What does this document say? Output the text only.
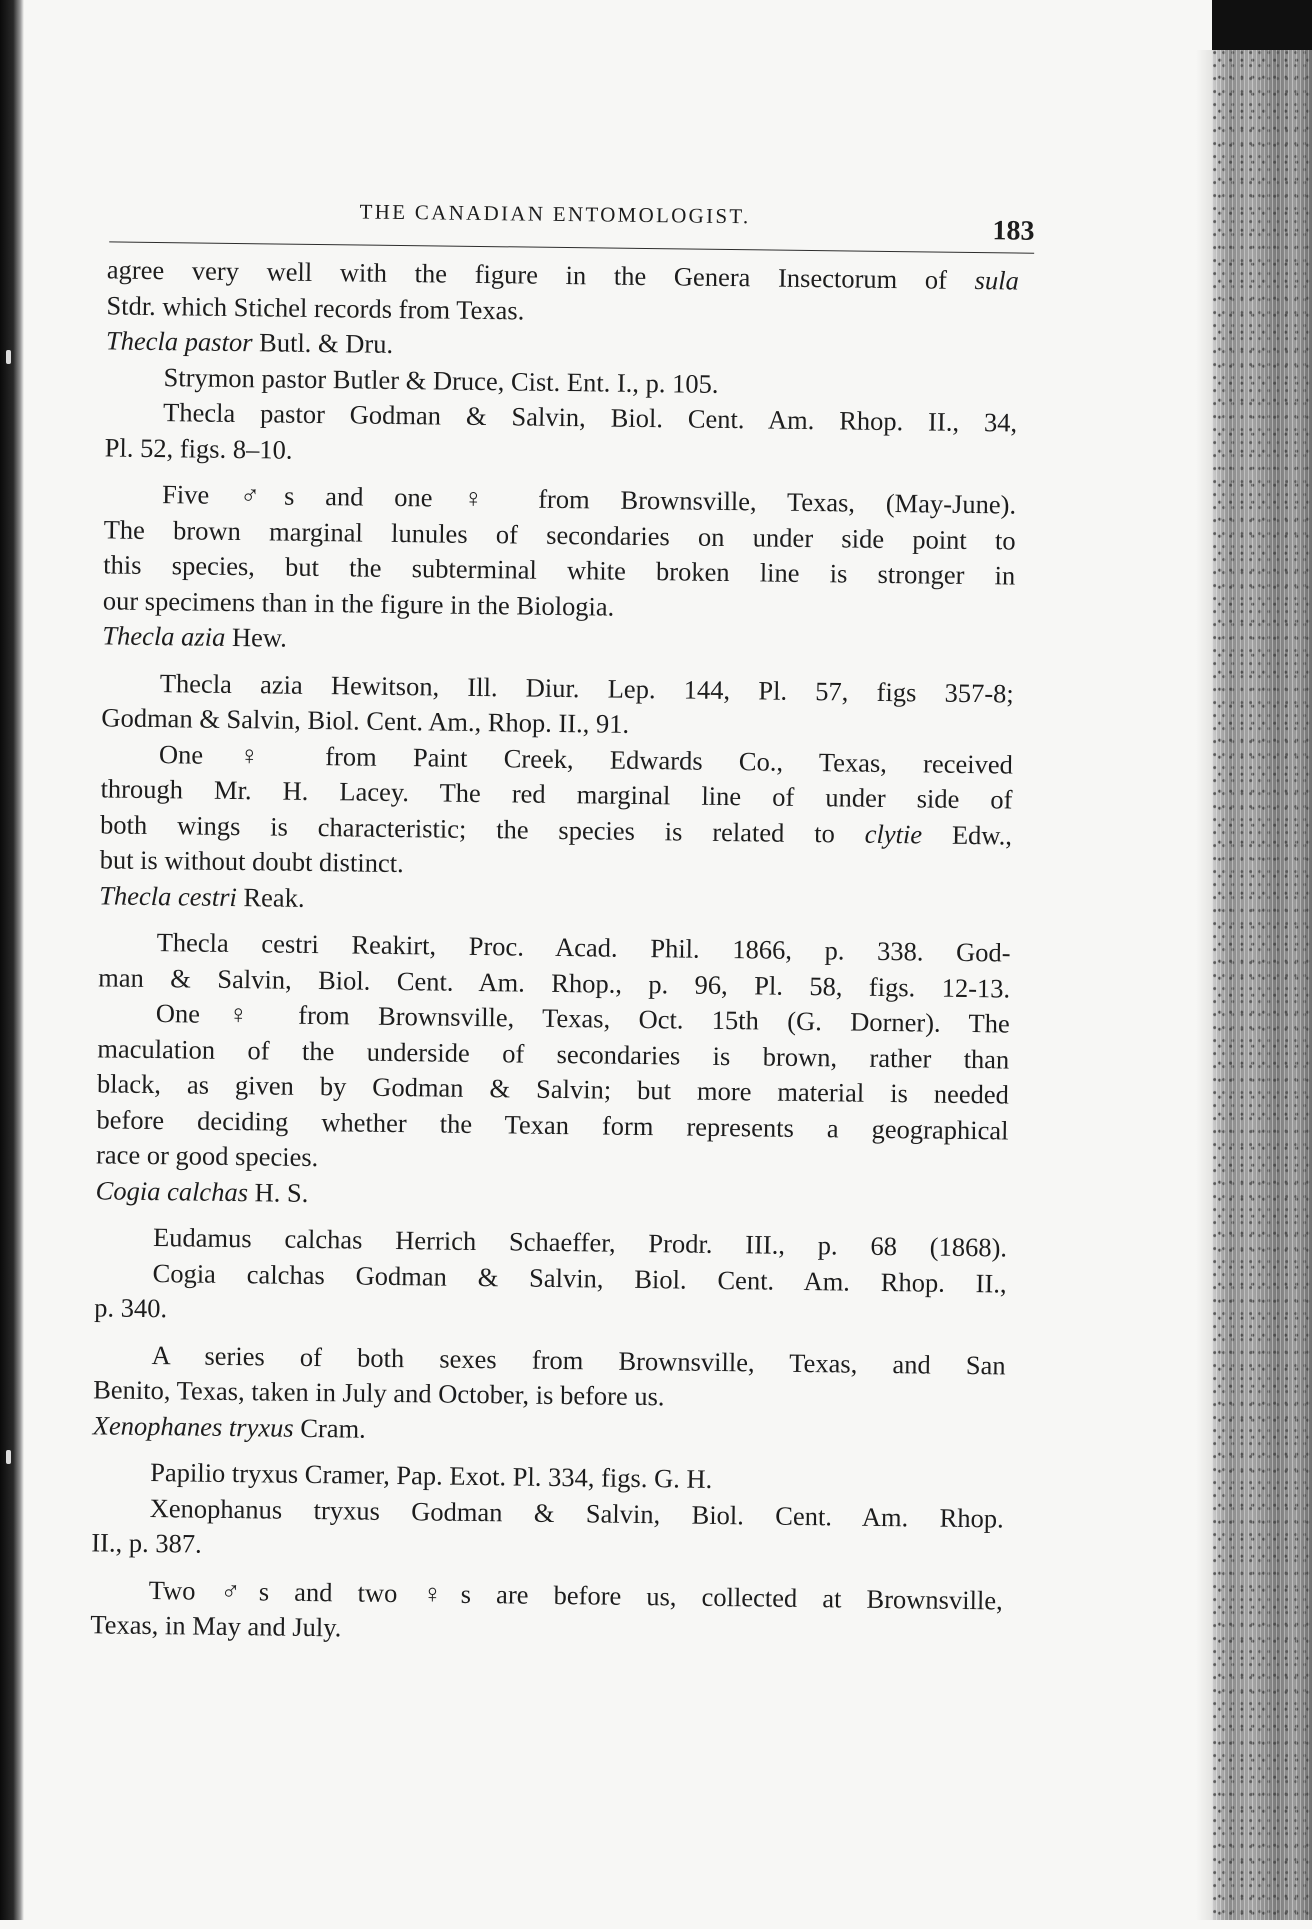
THE CANADIAN ENTOMOLOGIST.
183
agree very well with the figure in the Genera Insectorum of sula
Stdr. which Stichel records from Texas.
Thecla pastor Butl. & Dru.
Strymon pastor Butler & Druce, Cist. Ent. I., p. 105.
Thecla pastor Godman & Salvin, Biol. Cent. Am. Rhop. II., 34,
Pl. 52, figs. 8–10.
Five ♂s and one ♀ from Brownsville, Texas, (May-June).
The brown marginal lunules of secondaries on under side point to
this species, but the subterminal white broken line is stronger in
our specimens than in the figure in the Biologia.
Thecla azia Hew.
Thecla azia Hewitson, Ill. Diur. Lep. 144, Pl. 57, figs 357-8;
Godman & Salvin, Biol. Cent. Am., Rhop. II., 91.
One ♀ from Paint Creek, Edwards Co., Texas, received
through Mr. H. Lacey. The red marginal line of under side of
both wings is characteristic; the species is related to clytie Edw.,
but is without doubt distinct.
Thecla cestri Reak.
Thecla cestri Reakirt, Proc. Acad. Phil. 1866, p. 338. God-
man & Salvin, Biol. Cent. Am. Rhop., p. 96, Pl. 58, figs. 12-13.
One ♀ from Brownsville, Texas, Oct. 15th (G. Dorner). The
maculation of the underside of secondaries is brown, rather than
black, as given by Godman & Salvin; but more material is needed
before deciding whether the Texan form represents a geographical
race or good species.
Cogia calchas H. S.
Eudamus calchas Herrich Schaeffer, Prodr. III., p. 68 (1868).
Cogia calchas Godman & Salvin, Biol. Cent. Am. Rhop. II.,
p. 340.
A series of both sexes from Brownsville, Texas, and San
Benito, Texas, taken in July and October, is before us.
Xenophanes tryxus Cram.
Papilio tryxus Cramer, Pap. Exot. Pl. 334, figs. G. H.
Xenophanus tryxus Godman & Salvin, Biol. Cent. Am. Rhop.
II., p. 387.
Two ♂s and two ♀s are before us, collected at Brownsville,
Texas, in May and July.
